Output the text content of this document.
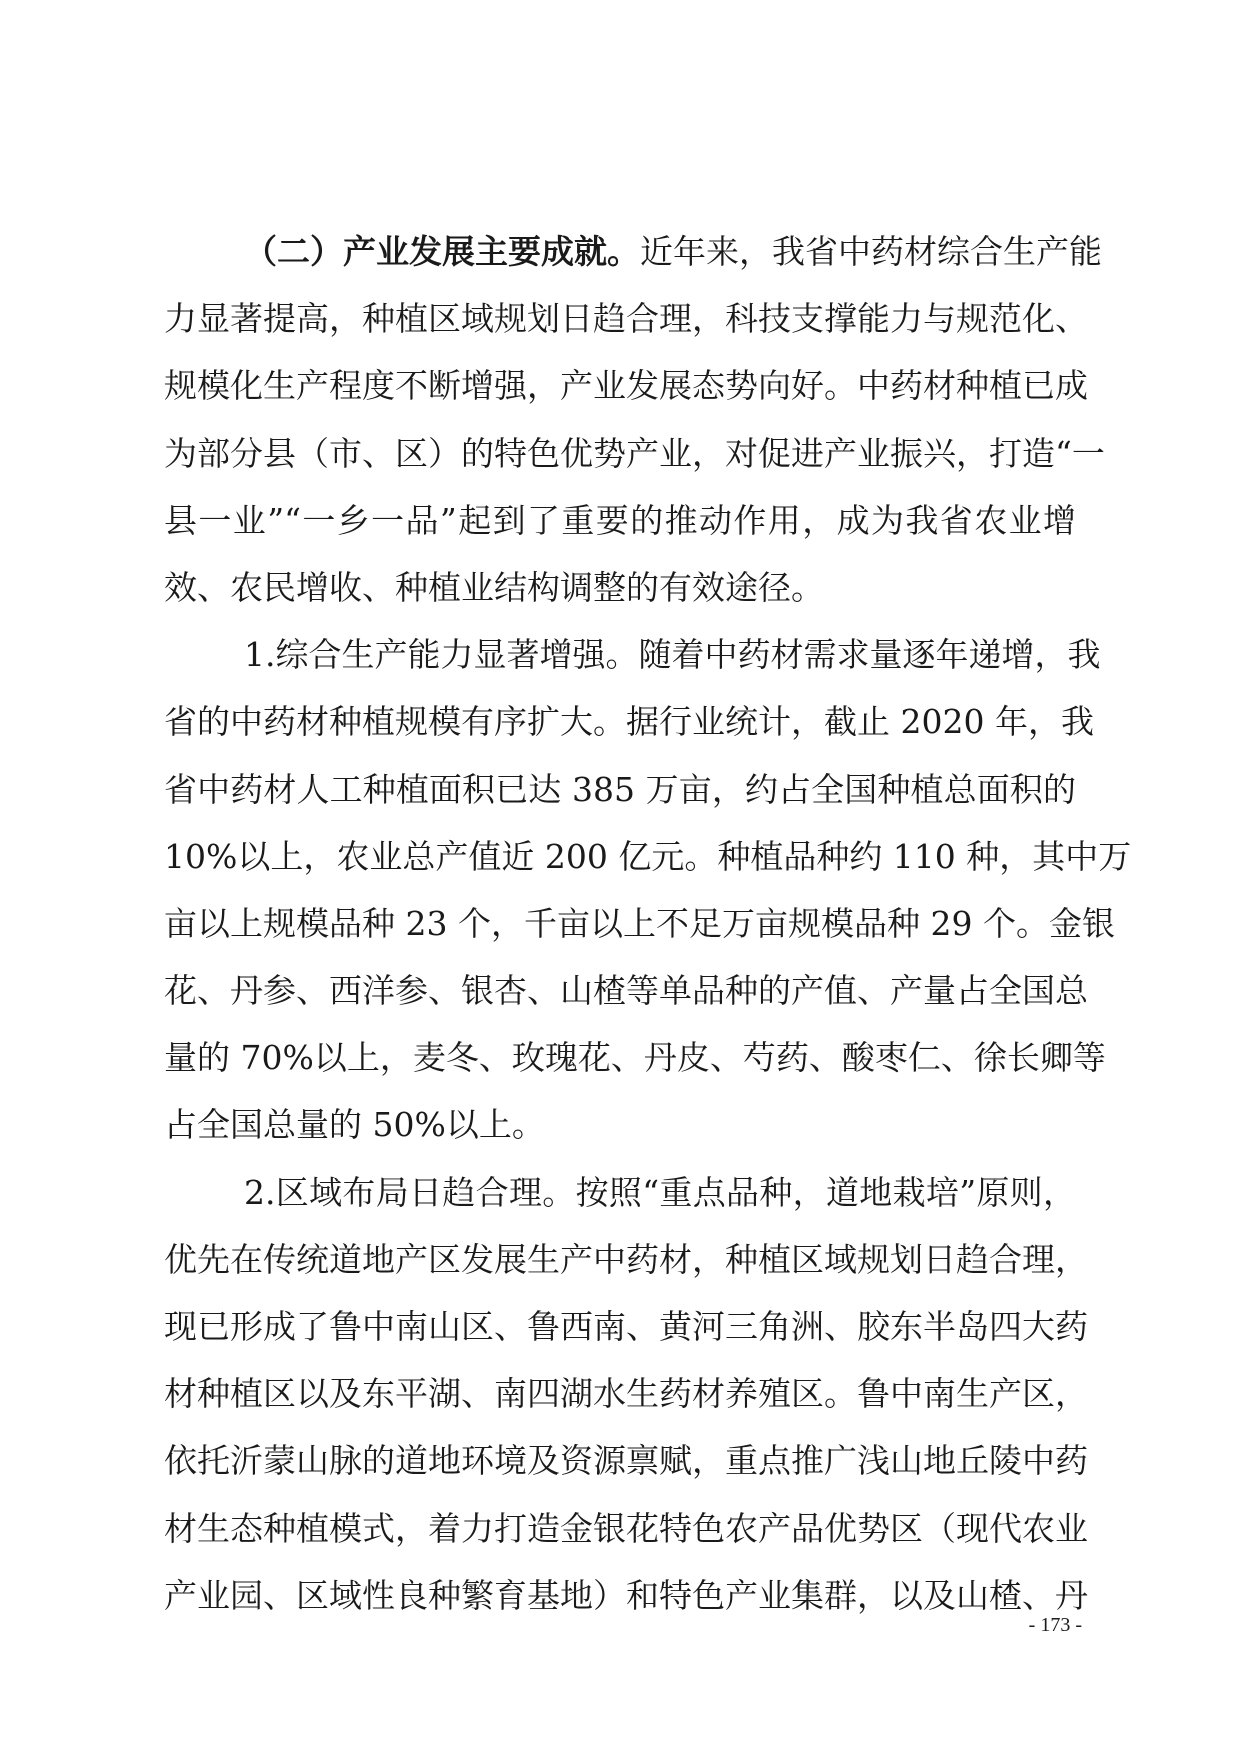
（二）产业发展主要成就。近年来，我省中药材综合生产能
力显著提高，种植区域规划日趋合理，科技支撑能力与规范化、
规模化生产程度不断增强，产业发展态势向好。中药材种植已成
为部分县（市、区）的特色优势产业，对促进产业振兴，打造“一
县一业”“一乡一品”起到了重要的推动作用，成为我省农业增
效、农民增收、种植业结构调整的有效途径。
1.综合生产能力显著增强。随着中药材需求量逐年递增，我
省的中药材种植规模有序扩大。据行业统计，截止 2020 年，我
省中药材人工种植面积已达 385 万亩，约占全国种植总面积的
10%以上，农业总产值近 200 亿元。种植品种约 110 种，其中万
亩以上规模品种 23 个，千亩以上不足万亩规模品种 29 个。金银
花、丹参、西洋参、银杏、山楂等单品种的产值、产量占全国总
量的 70%以上，麦冬、玫瑰花、丹皮、芍药、酸枣仁、徐长卿等
占全国总量的 50%以上。
2.区域布局日趋合理。按照“重点品种，道地栽培”原则，
优先在传统道地产区发展生产中药材，种植区域规划日趋合理，
现已形成了鲁中南山区、鲁西南、黄河三角洲、胶东半岛四大药
材种植区以及东平湖、南四湖水生药材养殖区。鲁中南生产区，
依托沂蒙山脉的道地环境及资源禀赋，重点推广浅山地丘陵中药
材生态种植模式，着力打造金银花特色农产品优势区（现代农业
产业园、区域性良种繁育基地）和特色产业集群，以及山楂、丹
- 173 -
